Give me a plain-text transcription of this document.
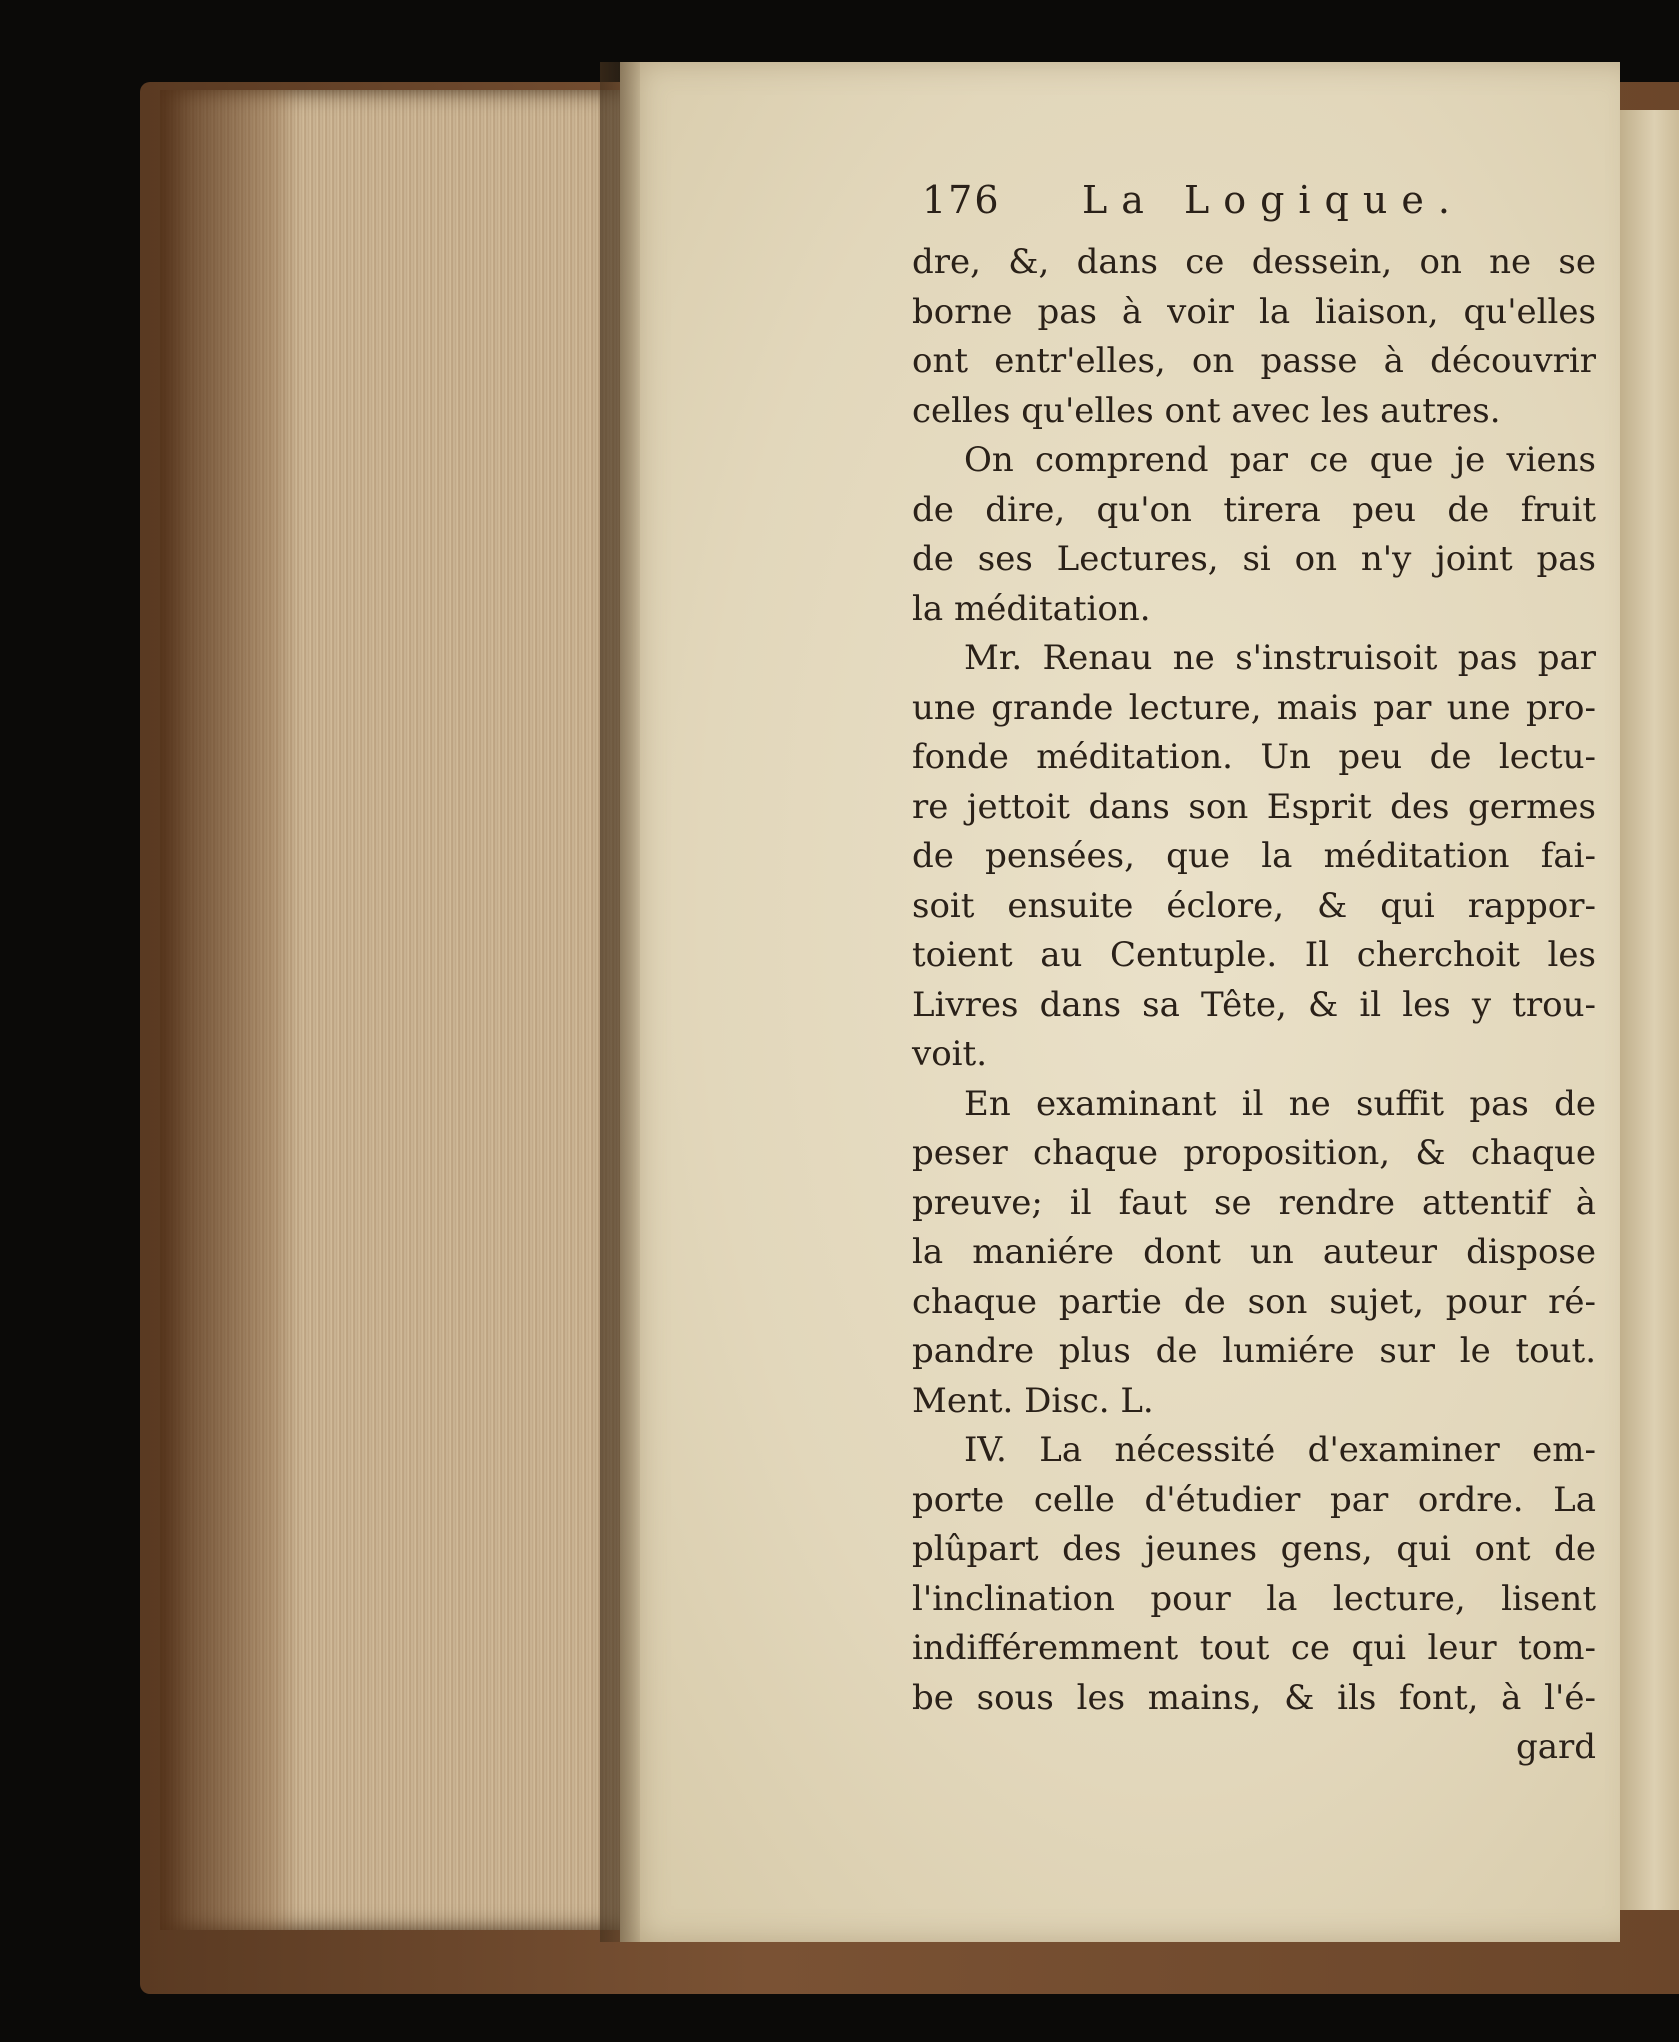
176 La Logique.
dre, &, dans ce dessein, on ne se
borne pas à voir la liaison, qu'elles
ont entr'elles, on passe à découvrir
celles qu'elles ont avec les autres.
On comprend par ce que je viens
de dire, qu'on tirera peu de fruit
de ses Lectures, si on n'y joint pas
la méditation.
Mr. Renau ne s'instruisoit pas par
une grande lecture, mais par une pro-
fonde méditation. Un peu de lectu-
re jettoit dans son Esprit des germes
de pensées, que la méditation fai-
soit ensuite éclore, & qui rappor-
toient au Centuple. Il cherchoit les
Livres dans sa Tête, & il les y trou-
voit.
En examinant il ne suffit pas de
peser chaque proposition, & chaque
preuve; il faut se rendre attentif à
la maniére dont un auteur dispose
chaque partie de son sujet, pour ré-
pandre plus de lumiére sur le tout.
Ment. Disc. L.
IV. La nécessité d'examiner em-
porte celle d'étudier par ordre. La
plûpart des jeunes gens, qui ont de
l'inclination pour la lecture, lisent
indifféremment tout ce qui leur tom-
be sous les mains, & ils font, à l'é-
gard
